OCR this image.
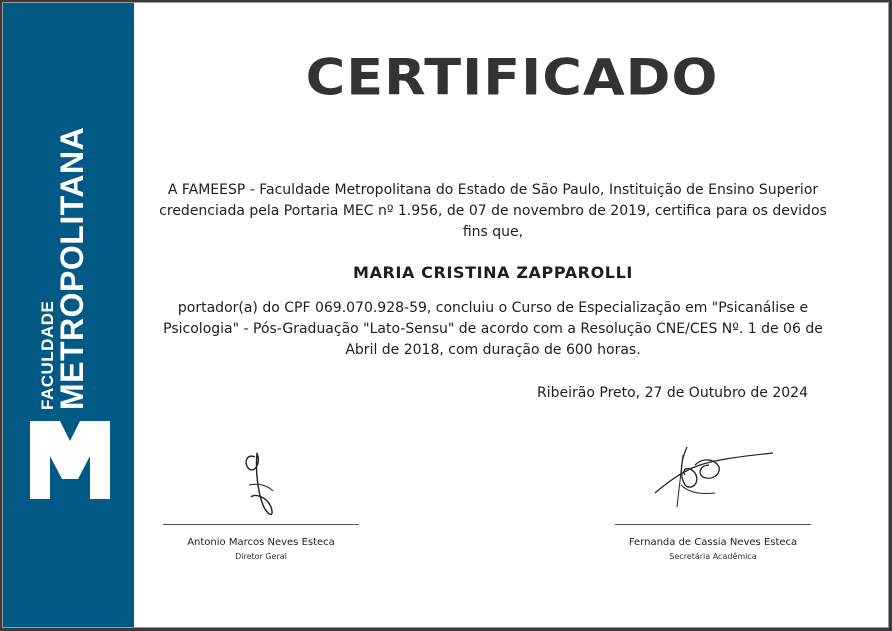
FACULDADE
METROPOLITANA
CERTIFICADO
A FAMEESP - Faculdade Metropolitana do Estado de São Paulo, Instituição de Ensino Superior credenciada pela Portaria MEC nº 1.956, de 07 de novembro de 2019, certifica para os devidos fins que,
MARIA CRISTINA ZAPPAROLLI
portador(a) do CPF 069.070.928-59, concluiu o Curso de Especialização em "Psicanálise e Psicologia" - Pós-Graduação "Lato-Sensu" de acordo com a Resolução CNE/CES Nº. 1 de 06 de Abril de 2018, com duração de 600 horas.
Ribeirão Preto, 27 de Outubro de 2024
Antonio Marcos Neves Esteca
Diretor Geral
Fernanda de Cassia Neves Esteca
Secretária Acadêmica
